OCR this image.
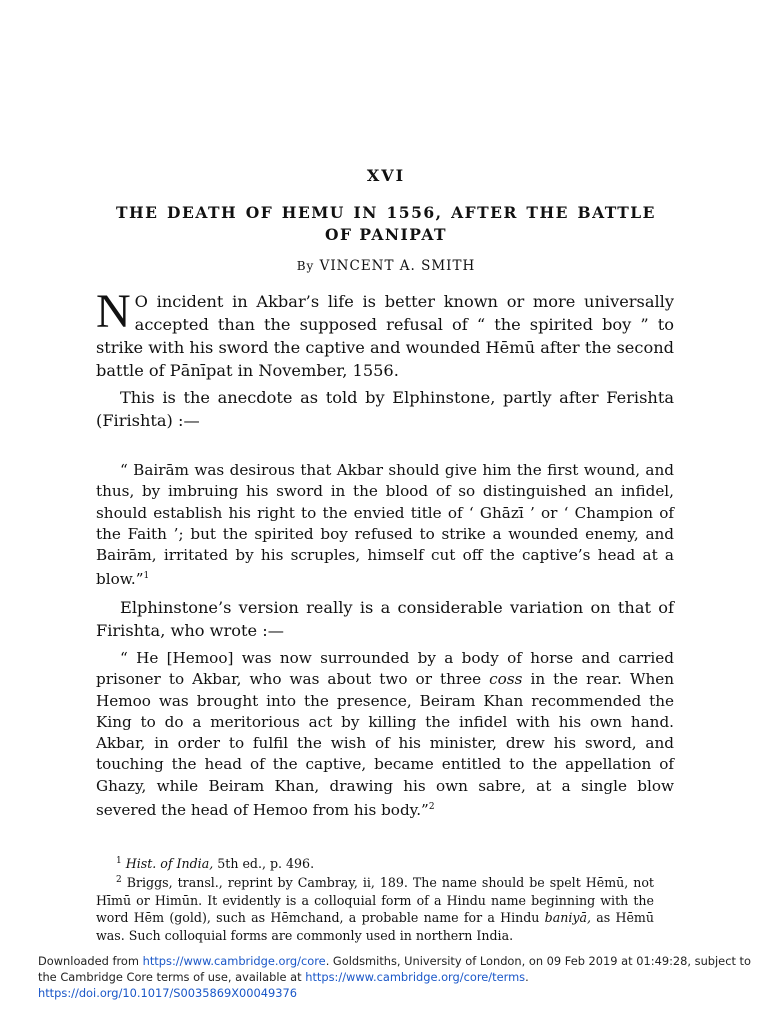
XVI
THE DEATH OF HEMU IN 1556, AFTER THE BATTLE OF PANIPAT
By VINCENT A. SMITH

N O incident in Akbar’s life is better known or more universally accepted than the supposed refusal of “ the spirited boy ” to strike with his sword the captive and wounded Hēmū after the second battle of Pānīpat in November, 1556.

This is the anecdote as told by Elphinstone, partly after Ferishta (Firishta) :—

“ Bairām was desirous that Akbar should give him the first wound, and thus, by imbruing his sword in the blood of so distinguished an infidel, should establish his right to the envied title of ‘ Ghāzī ’ or ‘ Champion of the Faith ’; but the spirited boy refused to strike a wounded enemy, and Bairām, irritated by his scruples, himself cut off the captive’s head at a blow.”$^1$
Elphinstone’s version really is a considerable variation on that of Firishta, who wrote :—
“ He [Hemoo] was now surrounded by a body of horse and carried prisoner to Akbar, who was about two or three coss in the rear. When Hemoo was brought into the presence, Beiram Khan recommended the King to do a meritorious act by killing the infidel with his own hand. Akbar, in order to fulfil the wish of his minister, drew his sword, and touching the head of the captive, became entitled to the appellation of Ghazy, while Beiram Khan, drawing his own sabre, at a single blow severed the head of Hemoo from his body.”$^2$
$^1$ Hist. of India, 5th ed., p. 496.
$^2$ Briggs, transl., reprint by Cambray, ii, 189. The name should be spelt Hēmū, not Hīmū or Himūn. It evidently is a colloquial form of a Hindu name beginning with the word Hēm (gold), such as Hēmchand, a probable name for a Hindu baniyā, as Hēmū was. Such colloquial forms are commonly used in northern India.
Downloaded from https://www.cambridge.org/core. Goldsmiths, University of London, on 09 Feb 2019 at 01:49:28, subject to the Cambridge Core terms of use, available at https://www.cambridge.org/core/terms.
https://doi.org/10.1017/S0035869X00049376
